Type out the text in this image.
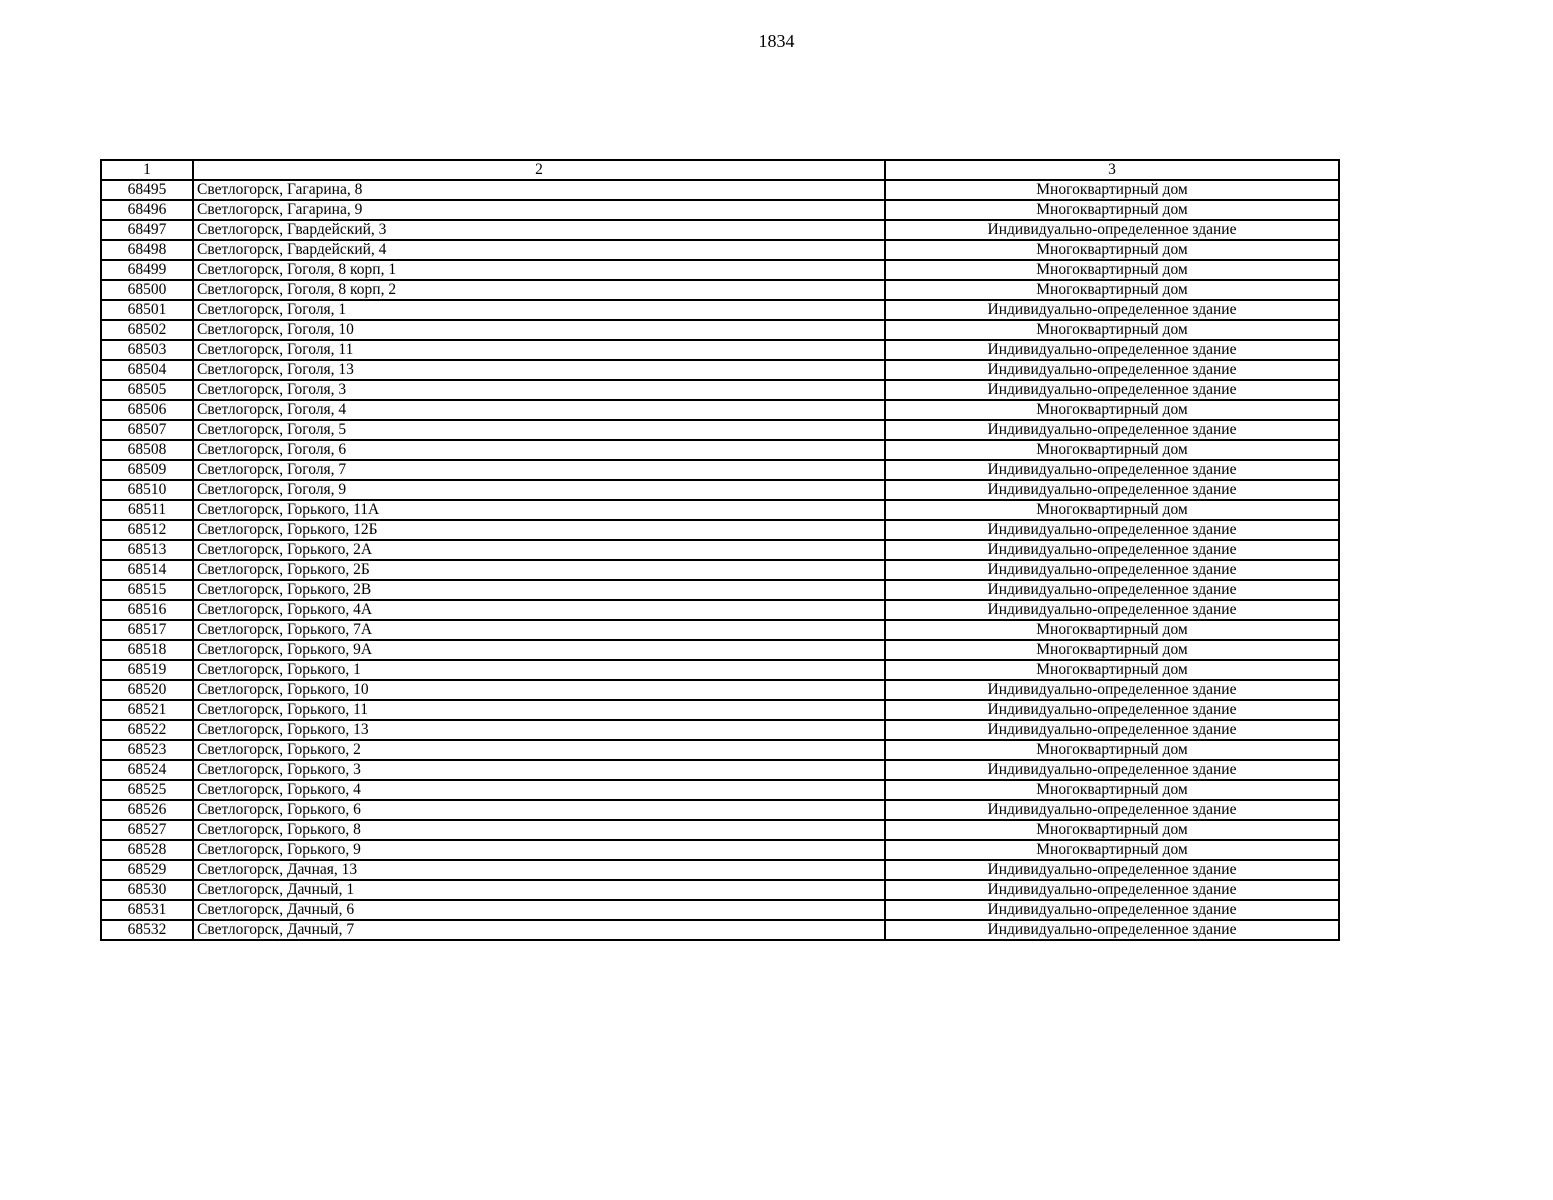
1834
1	2	3
68495	Светлогорск, Гагарина, 8	Многоквартирный дом
68496	Светлогорск, Гагарина, 9	Многоквартирный дом
68497	Светлогорск, Гвардейский, 3	Индивидуально-определенное здание
68498	Светлогорск, Гвардейский, 4	Многоквартирный дом
68499	Светлогорск, Гоголя, 8 корп, 1	Многоквартирный дом
68500	Светлогорск, Гоголя, 8 корп, 2	Многоквартирный дом
68501	Светлогорск, Гоголя, 1	Индивидуально-определенное здание
68502	Светлогорск, Гоголя, 10	Многоквартирный дом
68503	Светлогорск, Гоголя, 11	Индивидуально-определенное здание
68504	Светлогорск, Гоголя, 13	Индивидуально-определенное здание
68505	Светлогорск, Гоголя, 3	Индивидуально-определенное здание
68506	Светлогорск, Гоголя, 4	Многоквартирный дом
68507	Светлогорск, Гоголя, 5	Индивидуально-определенное здание
68508	Светлогорск, Гоголя, 6	Многоквартирный дом
68509	Светлогорск, Гоголя, 7	Индивидуально-определенное здание
68510	Светлогорск, Гоголя, 9	Индивидуально-определенное здание
68511	Светлогорск, Горького, 11А	Многоквартирный дом
68512	Светлогорск, Горького, 12Б	Индивидуально-определенное здание
68513	Светлогорск, Горького, 2А	Индивидуально-определенное здание
68514	Светлогорск, Горького, 2Б	Индивидуально-определенное здание
68515	Светлогорск, Горького, 2В	Индивидуально-определенное здание
68516	Светлогорск, Горького, 4А	Индивидуально-определенное здание
68517	Светлогорск, Горького, 7А	Многоквартирный дом
68518	Светлогорск, Горького, 9А	Многоквартирный дом
68519	Светлогорск, Горького, 1	Многоквартирный дом
68520	Светлогорск, Горького, 10	Индивидуально-определенное здание
68521	Светлогорск, Горького, 11	Индивидуально-определенное здание
68522	Светлогорск, Горького, 13	Индивидуально-определенное здание
68523	Светлогорск, Горького, 2	Многоквартирный дом
68524	Светлогорск, Горького, 3	Индивидуально-определенное здание
68525	Светлогорск, Горького, 4	Многоквартирный дом
68526	Светлогорск, Горького, 6	Индивидуально-определенное здание
68527	Светлогорск, Горького, 8	Многоквартирный дом
68528	Светлогорск, Горького, 9	Многоквартирный дом
68529	Светлогорск, Дачная, 13	Индивидуально-определенное здание
68530	Светлогорск, Дачный, 1	Индивидуально-определенное здание
68531	Светлогорск, Дачный, 6	Индивидуально-определенное здание
68532	Светлогорск, Дачный, 7	Индивидуально-определенное здание
